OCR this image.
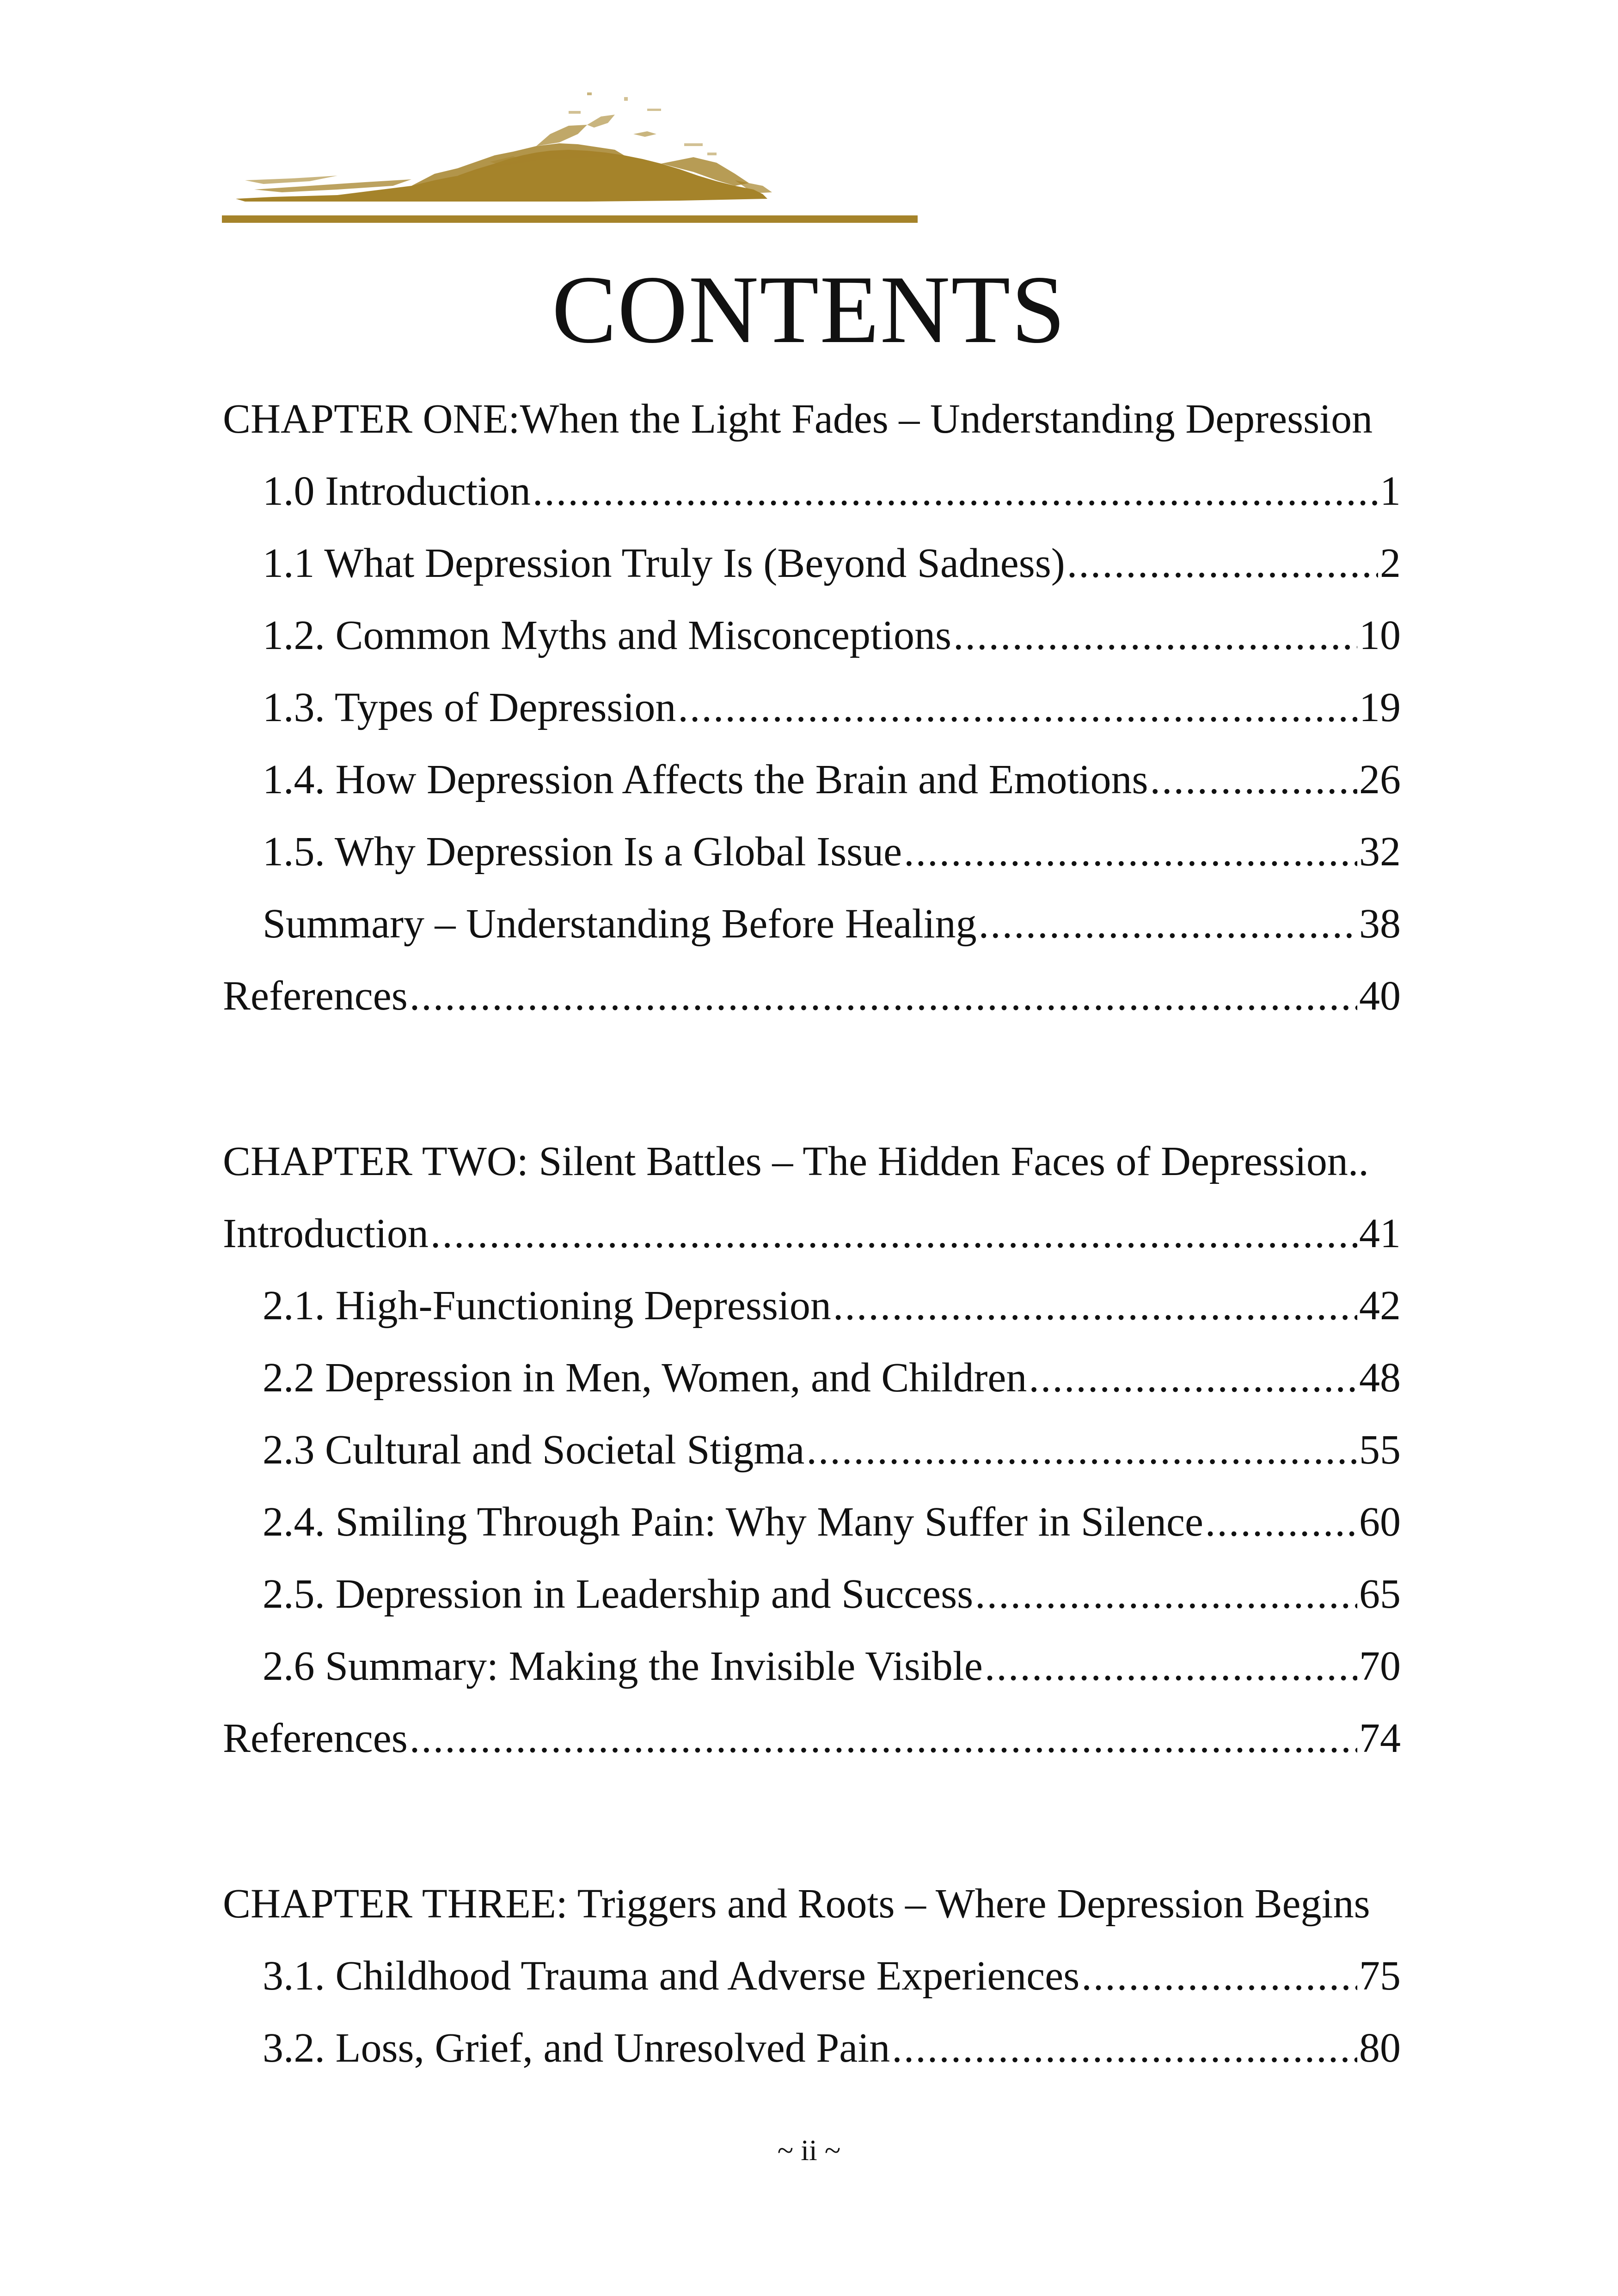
CONTENTS
CHAPTER ONE:When the Light Fades – Understanding Depression
1.0 Introduction .....	1
1.1 What Depression Truly Is (Beyond Sadness) .....	2
1.2. Common Myths and Misconceptions .....	10
1.3. Types of Depression .....	19
1.4. How Depression Affects the Brain and Emotions .....	26
1.5. Why Depression Is a Global Issue .....	32
Summary – Understanding Before Healing .....	38
References .....	40
CHAPTER TWO: Silent Battles – The Hidden Faces of Depression..
Introduction .....	41
2.1. High-Functioning Depression .....	42
2.2 Depression in Men, Women, and Children .....	48
2.3 Cultural and Societal Stigma .....	55
2.4. Smiling Through Pain: Why Many Suffer in Silence .....	60
2.5. Depression in Leadership and Success .....	65
2.6 Summary: Making the Invisible Visible .....	70
References .....	74
CHAPTER THREE: Triggers and Roots – Where Depression Begins
3.1. Childhood Trauma and Adverse Experiences .....	75
3.2. Loss, Grief, and Unresolved Pain .....	80
~ ii ~
